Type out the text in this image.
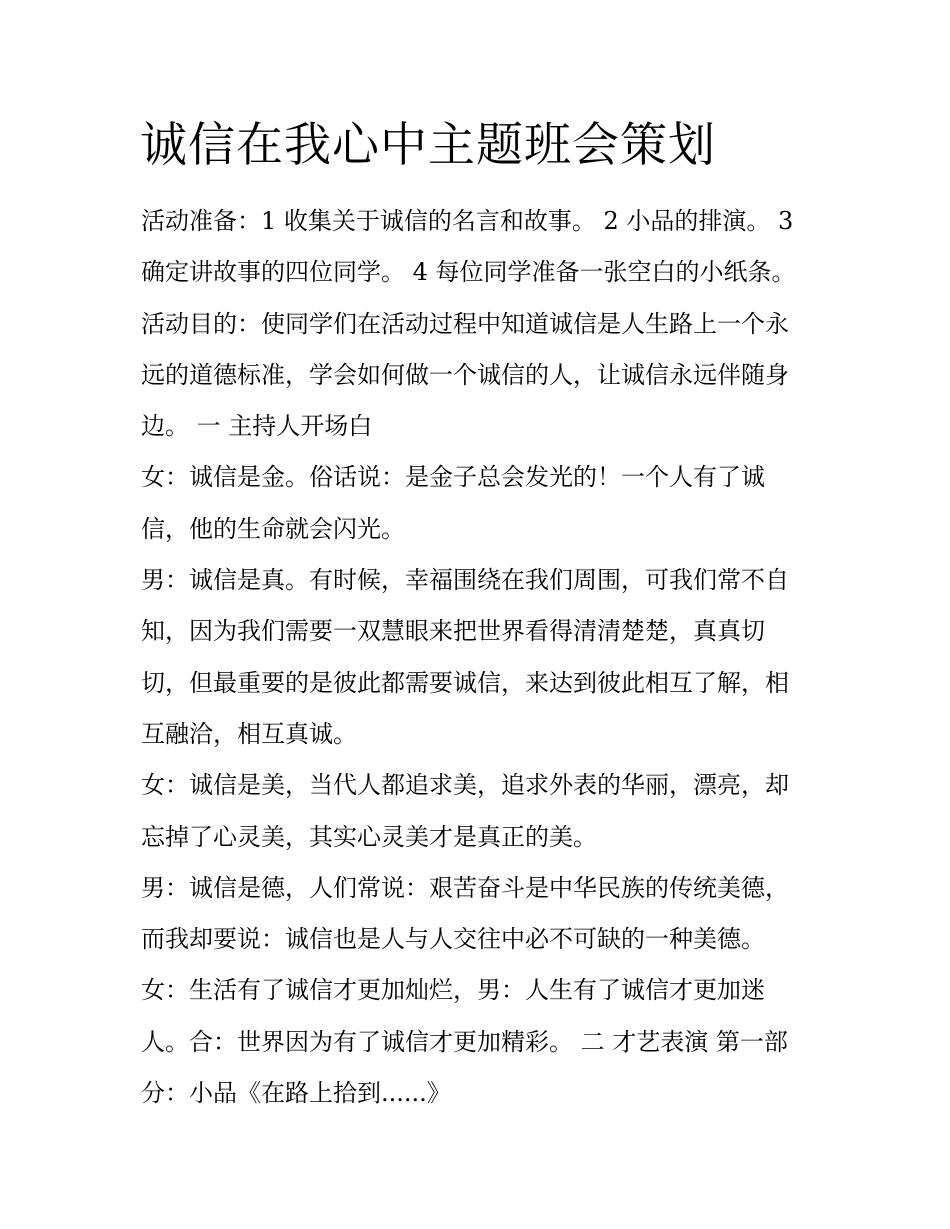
诚信在我心中主题班会策划
活动准备：1 收集关于诚信的名言和故事。 2 小品的排演。 3
确定讲故事的四位同学。 4 每位同学准备一张空白的小纸条。
活动目的：使同学们在活动过程中知道诚信是人生路上一个永
远的道德标准，学会如何做一个诚信的人，让诚信永远伴随身
边。 一 主持人开场白
女：诚信是金。俗话说：是金子总会发光的！一个人有了诚
信，他的生命就会闪光。
男：诚信是真。有时候，幸福围绕在我们周围，可我们常不自
知，因为我们需要一双慧眼来把世界看得清清楚楚，真真切
切，但最重要的是彼此都需要诚信，来达到彼此相互了解，相
互融洽，相互真诚。
女：诚信是美，当代人都追求美，追求外表的华丽，漂亮，却
忘掉了心灵美，其实心灵美才是真正的美。
男：诚信是德，人们常说：艰苦奋斗是中华民族的传统美德，
而我却要说：诚信也是人与人交往中必不可缺的一种美德。
女：生活有了诚信才更加灿烂，男：人生有了诚信才更加迷
人。合：世界因为有了诚信才更加精彩。 二 才艺表演 第一部
分：小品《在路上拾到......》
